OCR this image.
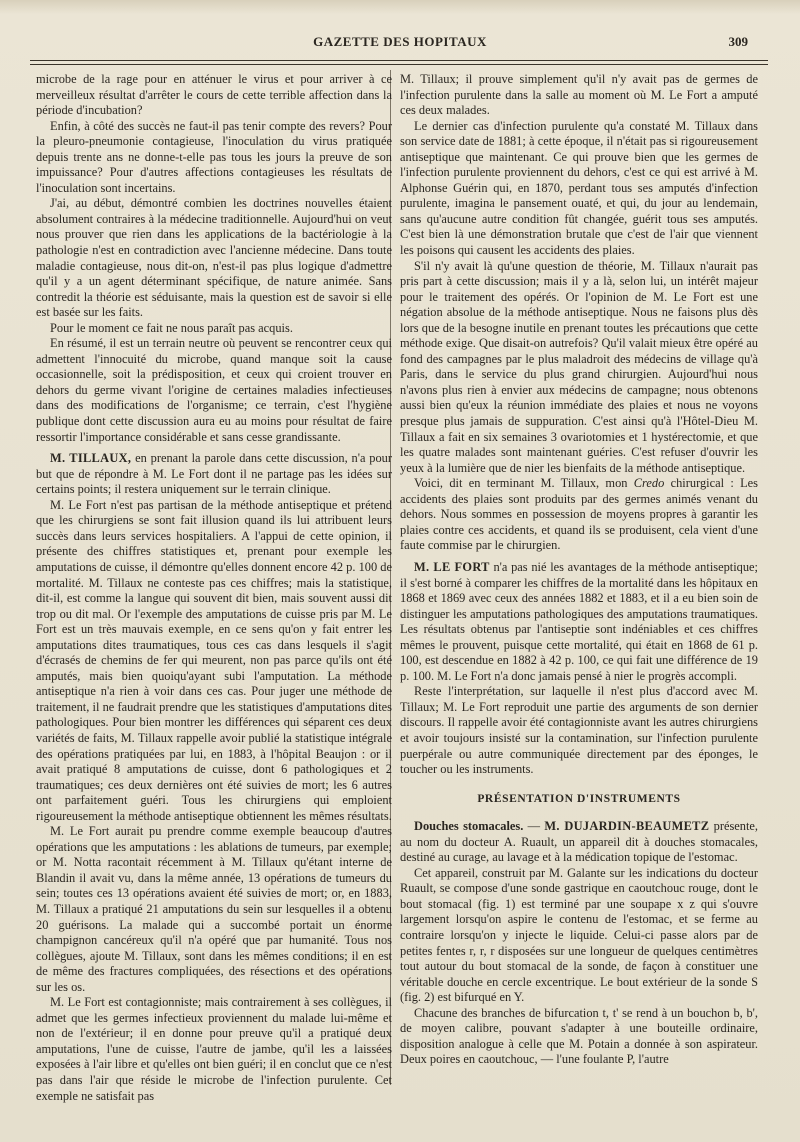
GAZETTE DES HOPITAUX	309

microbe de la rage pour en atténuer le virus et pour arriver à ce merveilleux résultat d'arrêter le cours de cette terrible affection dans la période d'incubation?

Enfin, à côté des succès ne faut-il pas tenir compte des revers? Pour la pleuro-pneumonie contagieuse, l'inoculation du virus pratiquée depuis trente ans ne donne-t-elle pas tous les jours la preuve de son impuissance? Pour d'autres affections contagieuses les résultats de l'inoculation sont incertains.

J'ai, au début, démontré combien les doctrines nouvelles étaient absolument contraires à la médecine traditionnelle. Aujourd'hui on veut nous prouver que rien dans les applications de la bactériologie à la pathologie n'est en contradiction avec l'ancienne médecine. Dans toute maladie contagieuse, nous dit-on, n'est-il pas plus logique d'admettre qu'il y a un agent déterminant spécifique, de nature animée. Sans contredit la théorie est séduisante, mais la question est de savoir si elle est basée sur les faits.

Pour le moment ce fait ne nous paraît pas acquis.

En résumé, il est un terrain neutre où peuvent se rencontrer ceux qui admettent l'innocuité du microbe, quand manque soit la cause occasionnelle, soit la prédisposition, et ceux qui croient trouver en dehors du germe vivant l'origine de certaines maladies infectieuses dans des modifications de l'organisme; ce terrain, c'est l'hygiène publique dont cette discussion aura eu au moins pour résultat de faire ressortir l'importance considérable et sans cesse grandissante.

M. TILLAUX, en prenant la parole dans cette discussion, n'a pour but que de répondre à M. Le Fort dont il ne partage pas les idées sur certains points; il restera uniquement sur le terrain clinique.

M. Le Fort n'est pas partisan de la méthode antiseptique et prétend que les chirurgiens se sont fait illusion quand ils lui attribuent leurs succès dans leurs services hospitaliers. A l'appui de cette opinion, il présente des chiffres statistiques et, prenant pour exemple les amputations de cuisse, il démontre qu'elles donnent encore 42 p. 100 de mortalité. M. Tillaux ne conteste pas ces chiffres; mais la statistique, dit-il, est comme la langue qui souvent dit bien, mais souvent aussi dit trop ou dit mal. Or l'exemple des amputations de cuisse pris par M. Le Fort est un très mauvais exemple, en ce sens qu'on y fait entrer les amputations dites traumatiques, tous ces cas dans lesquels il s'agit d'écrasés de chemins de fer qui meurent, non pas parce qu'ils ont été amputés, mais bien quoiqu'ayant subi l'amputation. La méthode antiseptique n'a rien à voir dans ces cas. Pour juger une méthode de traitement, il ne faudrait prendre que les statistiques d'amputations dites pathologiques. Pour bien montrer les différences qui séparent ces deux variétés de faits, M. Tillaux rappelle avoir publié la statistique intégrale des opérations pratiquées par lui, en 1883, à l'hôpital Beaujon : or il avait pratiqué 8 amputations de cuisse, dont 6 pathologiques et 2 traumatiques; ces deux dernières ont été suivies de mort; les 6 autres ont parfaitement guéri. Tous les chirurgiens qui emploient rigoureusement la méthode antiseptique obtiennent les mêmes résultats.

M. Le Fort aurait pu prendre comme exemple beaucoup d'autres opérations que les amputations : les ablations de tumeurs, par exemple; or M. Notta racontait récemment à M. Tillaux qu'étant interne de Blandin il avait vu, dans la même année, 13 opérations de tumeurs du sein; toutes ces 13 opérations avaient été suivies de mort; or, en 1883, M. Tillaux a pratiqué 21 amputations du sein sur lesquelles il a obtenu 20 guérisons. La malade qui a succombé portait un énorme champignon cancéreux qu'il n'a opéré que par humanité. Tous nos collègues, ajoute M. Tillaux, sont dans les mêmes conditions; il en est de même des fractures compliquées, des résections et des opérations sur les os.

M. Le Fort est contagionniste; mais contrairement à ses collègues, il admet que les germes infectieux proviennent du malade lui-même et non de l'extérieur; il en donne pour preuve qu'il a pratiqué deux amputations, l'une de cuisse, l'autre de jambe, qu'il les a laissées exposées à l'air libre et qu'elles ont bien guéri; il en conclut que ce n'est pas dans l'air que réside le microbe de l'infection purulente. Cet exemple ne satisfait pas

M. Tillaux; il prouve simplement qu'il n'y avait pas de germes de l'infection purulente dans la salle au moment où M. Le Fort a amputé ces deux malades.

Le dernier cas d'infection purulente qu'a constaté M. Tillaux dans son service date de 1881; à cette époque, il n'était pas si rigoureusement antiseptique que maintenant. Ce qui prouve bien que les germes de l'infection purulente proviennent du dehors, c'est ce qui est arrivé à M. Alphonse Guérin qui, en 1870, perdant tous ses amputés d'infection purulente, imagina le pansement ouaté, et qui, du jour au lendemain, sans qu'aucune autre condition fût changée, guérit tous ses amputés. C'est bien là une démonstration brutale que c'est de l'air que viennent les poisons qui causent les accidents des plaies.

S'il n'y avait là qu'une question de théorie, M. Tillaux n'aurait pas pris part à cette discussion; mais il y a là, selon lui, un intérêt majeur pour le traitement des opérés. Or l'opinion de M. Le Fort est une négation absolue de la méthode antiseptique. Nous ne faisons plus dès lors que de la besogne inutile en prenant toutes les précautions que cette méthode exige. Que disait-on autrefois? Qu'il valait mieux être opéré au fond des campagnes par le plus maladroit des médecins de village qu'à Paris, dans le service du plus grand chirurgien. Aujourd'hui nous n'avons plus rien à envier aux médecins de campagne; nous obtenons aussi bien qu'eux la réunion immédiate des plaies et nous ne voyons presque plus jamais de suppuration. C'est ainsi qu'à l'Hôtel-Dieu M. Tillaux a fait en six semaines 3 ovariotomies et 1 hystérectomie, et que les quatre malades sont maintenant guéries. C'est refuser d'ouvrir les yeux à la lumière que de nier les bienfaits de la méthode antiseptique.

Voici, dit en terminant M. Tillaux, mon Credo chirurgical : Les accidents des plaies sont produits par des germes animés venant du dehors. Nous sommes en possession de moyens propres à garantir les plaies contre ces accidents, et quand ils se produisent, cela vient d'une faute commise par le chirurgien.

M. LE FORT n'a pas nié les avantages de la méthode antiseptique; il s'est borné à comparer les chiffres de la mortalité dans les hôpitaux en 1868 et 1869 avec ceux des années 1882 et 1883, et il a eu bien soin de distinguer les amputations pathologiques des amputations traumatiques. Les résultats obtenus par l'antiseptie sont indéniables et ces chiffres mêmes le prouvent, puisque cette mortalité, qui était en 1868 de 61 p. 100, est descendue en 1882 à 42 p. 100, ce qui fait une différence de 19 p. 100. M. Le Fort n'a donc jamais pensé à nier le progrès accompli.

Reste l'interprétation, sur laquelle il n'est plus d'accord avec M. Tillaux; M. Le Fort reproduit une partie des arguments de son dernier discours. Il rappelle avoir été contagionniste avant les autres chirurgiens et avoir toujours insisté sur la contamination, sur l'infection purulente puerpérale ou autre communiquée directement par des éponges, le toucher ou les instruments.

PRÉSENTATION D'INSTRUMENTS

Douches stomacales. — M. DUJARDIN-BEAUMETZ présente, au nom du docteur A. Ruault, un appareil dit à douches stomacales, destiné au curage, au lavage et à la médication topique de l'estomac.

Cet appareil, construit par M. Galante sur les indications du docteur Ruault, se compose d'une sonde gastrique en caoutchouc rouge, dont le bout stomacal (fig. 1) est terminé par une soupape x z qui s'ouvre largement lorsqu'on aspire le contenu de l'estomac, et se ferme au contraire lorsqu'on y injecte le liquide. Celui-ci passe alors par de petites fentes r, r, r disposées sur une longueur de quelques centimètres tout autour du bout stomacal de la sonde, de façon à constituer une véritable douche en cercle excentrique. Le bout extérieur de la sonde S (fig. 2) est bifurqué en Y.

Chacune des branches de bifurcation t, t' se rend à un bouchon b, b', de moyen calibre, pouvant s'adapter à une bouteille ordinaire, disposition analogue à celle que M. Potain a donnée à son aspirateur. Deux poires en caoutchouc, — l'une foulante P, l'autre
